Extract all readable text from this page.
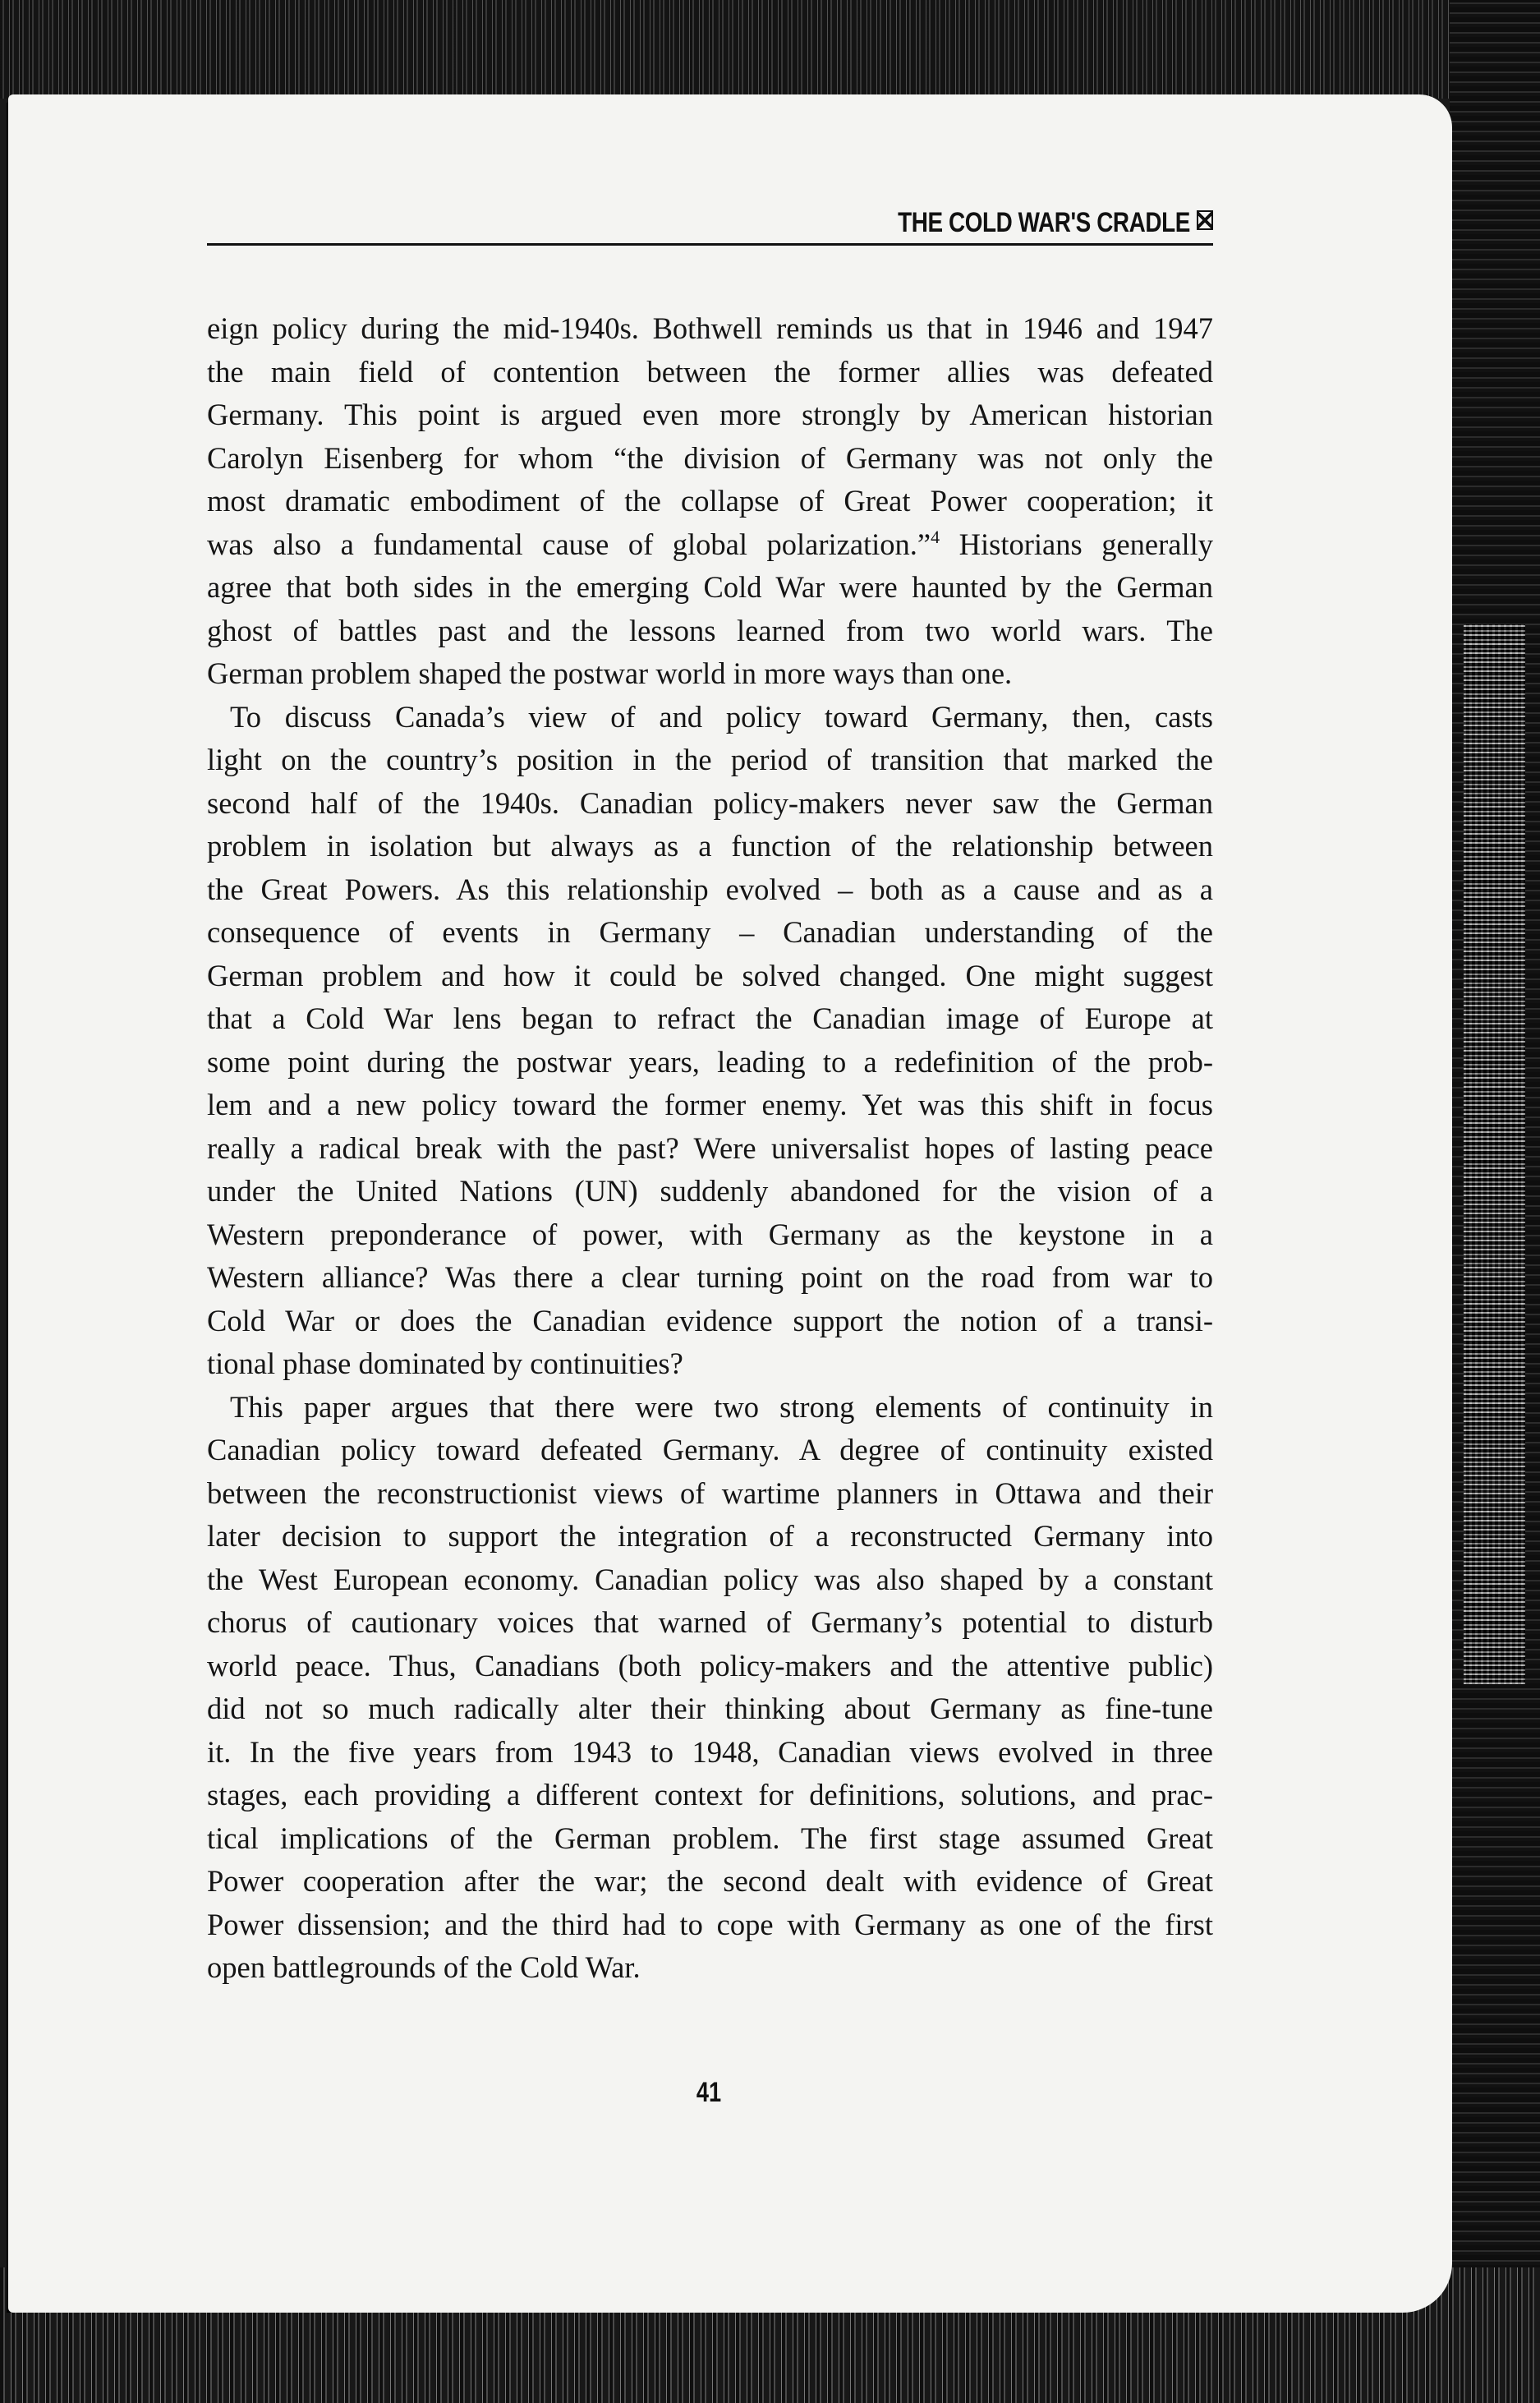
THE COLD WAR'S CRADLE
eign policy during the mid-1940s. Bothwell reminds us that in 1946 and 1947
the main field of contention between the former allies was defeated
Germany. This point is argued even more strongly by American historian
Carolyn Eisenberg for whom “the division of Germany was not only the
most dramatic embodiment of the collapse of Great Power cooperation; it
was also a fundamental cause of global polarization.”$^4$ Historians generally
agree that both sides in the emerging Cold War were haunted by the German
ghost of battles past and the lessons learned from two world wars. The
German problem shaped the postwar world in more ways than one.
To discuss Canada’s view of and policy toward Germany, then, casts
light on the country’s position in the period of transition that marked the
second half of the 1940s. Canadian policy-makers never saw the German
problem in isolation but always as a function of the relationship between
the Great Powers. As this relationship evolved – both as a cause and as a
consequence of events in Germany – Canadian understanding of the
German problem and how it could be solved changed. One might suggest
that a Cold War lens began to refract the Canadian image of Europe at
some point during the postwar years, leading to a redefinition of the prob-
lem and a new policy toward the former enemy. Yet was this shift in focus
really a radical break with the past? Were universalist hopes of lasting peace
under the United Nations (UN) suddenly abandoned for the vision of a
Western preponderance of power, with Germany as the keystone in a
Western alliance? Was there a clear turning point on the road from war to
Cold War or does the Canadian evidence support the notion of a transi-
tional phase dominated by continuities?
This paper argues that there were two strong elements of continuity in
Canadian policy toward defeated Germany. A degree of continuity existed
between the reconstructionist views of wartime planners in Ottawa and their
later decision to support the integration of a reconstructed Germany into
the West European economy. Canadian policy was also shaped by a constant
chorus of cautionary voices that warned of Germany’s potential to disturb
world peace. Thus, Canadians (both policy-makers and the attentive public)
did not so much radically alter their thinking about Germany as fine-tune
it. In the five years from 1943 to 1948, Canadian views evolved in three
stages, each providing a different context for definitions, solutions, and prac-
tical implications of the German problem. The first stage assumed Great
Power cooperation after the war; the second dealt with evidence of Great
Power dissension; and the third had to cope with Germany as one of the first
open battlegrounds of the Cold War.
41
